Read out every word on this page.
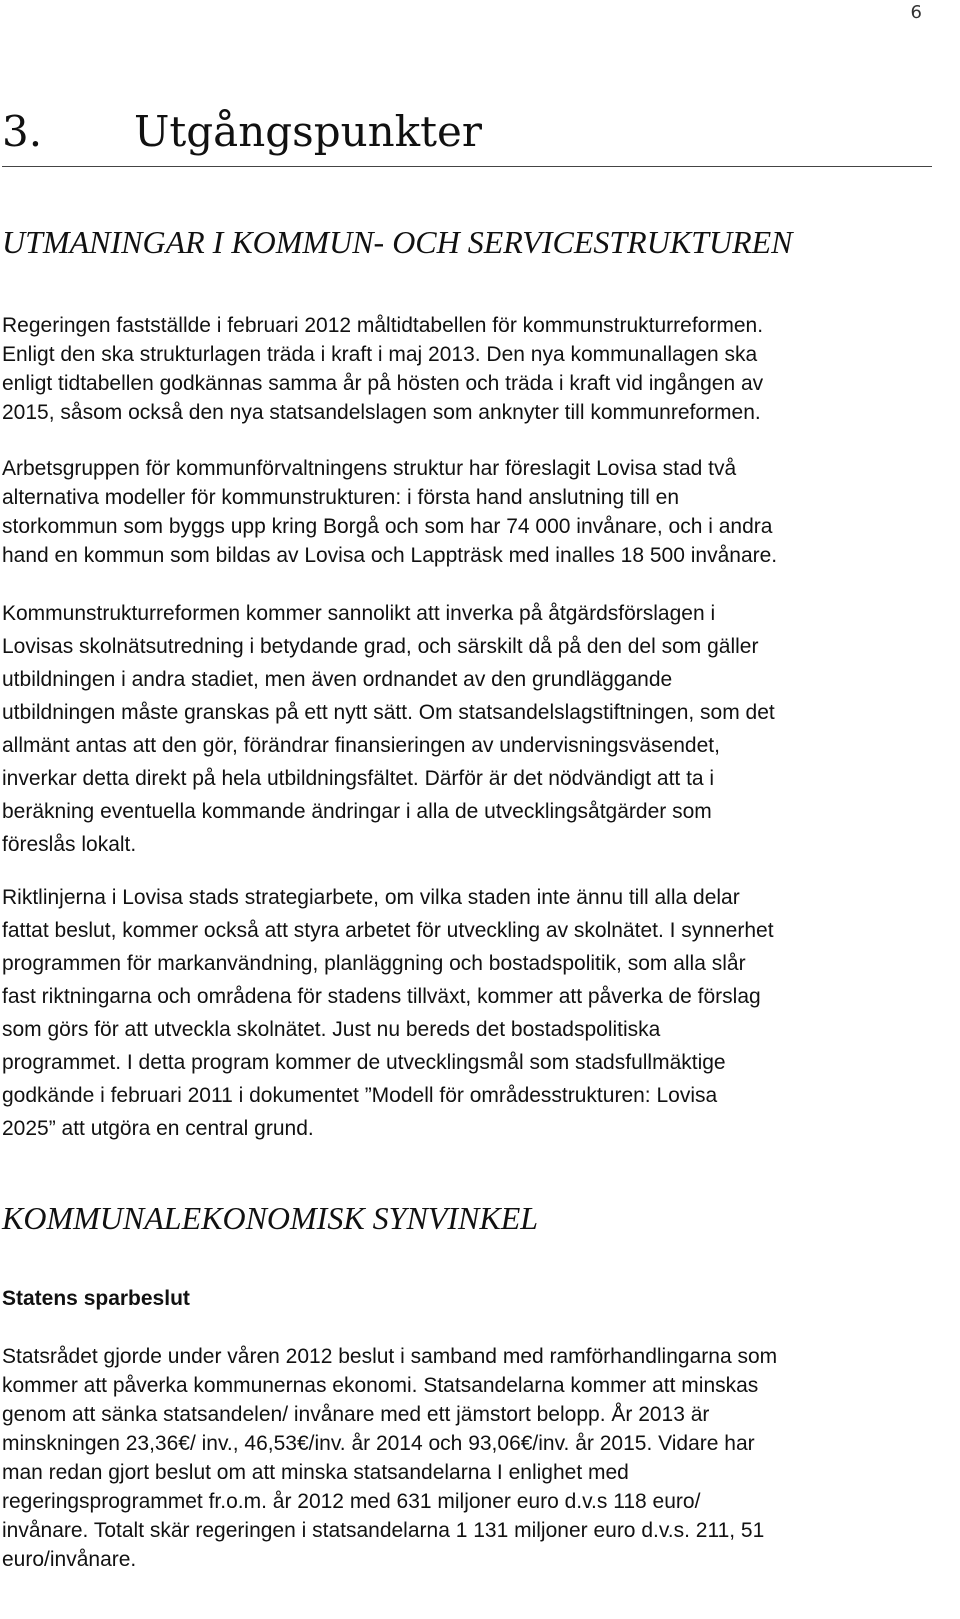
6
3. Utgångspunkter
UTMANINGAR I KOMMUN- OCH SERVICESTRUKTUREN

Regeringen fastställde i februari 2012 måltidtabellen för kommunstrukturreformen.
Enligt den ska strukturlagen träda i kraft i maj 2013. Den nya kommunallagen ska
enligt tidtabellen godkännas samma år på hösten och träda i kraft vid ingången av
2015, såsom också den nya statsandelslagen som anknyter till kommunreformen.

Arbetsgruppen för kommunförvaltningens struktur har föreslagit Lovisa stad två
alternativa modeller för kommunstrukturen: i första hand anslutning till en
storkommun som byggs upp kring Borgå och som har 74 000 invånare, och i andra
hand en kommun som bildas av Lovisa och Lappträsk med inalles 18 500 invånare.

Kommunstrukturreformen kommer sannolikt att inverka på åtgärdsförslagen i
Lovisas skolnätsutredning i betydande grad, och särskilt då på den del som gäller
utbildningen i andra stadiet, men även ordnandet av den grundläggande
utbildningen måste granskas på ett nytt sätt. Om statsandelslagstiftningen, som det
allmänt antas att den gör, förändrar finansieringen av undervisningsväsendet,
inverkar detta direkt på hela utbildningsfältet. Därför är det nödvändigt att ta i
beräkning eventuella kommande ändringar i alla de utvecklingsåtgärder som
föreslås lokalt.

Riktlinjerna i Lovisa stads strategiarbete, om vilka staden inte ännu till alla delar
fattat beslut, kommer också att styra arbetet för utveckling av skolnätet. I synnerhet
programmen för markanvändning, planläggning och bostadspolitik, som alla slår
fast riktningarna och områdena för stadens tillväxt, kommer att påverka de förslag
som görs för att utveckla skolnätet. Just nu bereds det bostadspolitiska
programmet. I detta program kommer de utvecklingsmål som stadsfullmäktige
godkände i februari 2011 i dokumentet ”Modell för områdesstrukturen: Lovisa
2025” att utgöra en central grund.

KOMMUNALEKONOMISK SYNVINKEL
Statens sparbeslut

Statsrådet gjorde under våren 2012 beslut i samband med ramförhandlingarna som
kommer att påverka kommunernas ekonomi. Statsandelarna kommer att minskas
genom att sänka statsandelen/ invånare med ett jämstort belopp. År 2013 är
minskningen 23,36€/ inv., 46,53€/inv. år 2014 och 93,06€/inv. år 2015. Vidare har
man redan gjort beslut om att minska statsandelarna I enlighet med
regeringsprogrammet fr.o.m. år 2012 med 631 miljoner euro d.v.s 118 euro/
invånare. Totalt skär regeringen i statsandelarna 1 131 miljoner euro d.v.s. 211, 51
euro/invånare.
